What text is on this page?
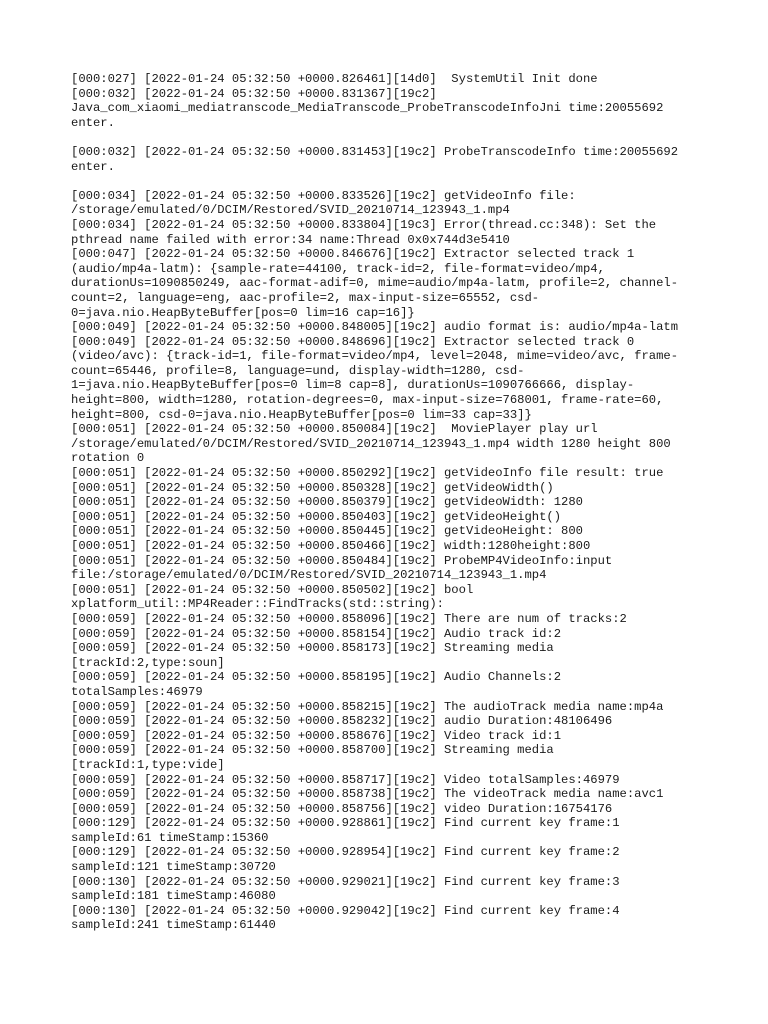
[000:027] [2022-01-24 05:32:50 +0000.826461][14d0]  SystemUtil Init done
[000:032] [2022-01-24 05:32:50 +0000.831367][19c2]
Java_com_xiaomi_mediatranscode_MediaTranscode_ProbeTranscodeInfoJni time:20055692
enter.
[000:032] [2022-01-24 05:32:50 +0000.831453][19c2] ProbeTranscodeInfo time:20055692
enter.
[000:034] [2022-01-24 05:32:50 +0000.833526][19c2] getVideoInfo file:
/storage/emulated/0/DCIM/Restored/SVID_20210714_123943_1.mp4
[000:034] [2022-01-24 05:32:50 +0000.833804][19c3] Error(thread.cc:348): Set the
pthread name failed with error:34 name:Thread 0x0x744d3e5410
[000:047] [2022-01-24 05:32:50 +0000.846676][19c2] Extractor selected track 1
(audio/mp4a-latm): {sample-rate=44100, track-id=2, file-format=video/mp4,
durationUs=1090850249, aac-format-adif=0, mime=audio/mp4a-latm, profile=2, channel-
count=2, language=eng, aac-profile=2, max-input-size=65552, csd-
0=java.nio.HeapByteBuffer[pos=0 lim=16 cap=16]}
[000:049] [2022-01-24 05:32:50 +0000.848005][19c2] audio format is: audio/mp4a-latm
[000:049] [2022-01-24 05:32:50 +0000.848696][19c2] Extractor selected track 0
(video/avc): {track-id=1, file-format=video/mp4, level=2048, mime=video/avc, frame-
count=65446, profile=8, language=und, display-width=1280, csd-
1=java.nio.HeapByteBuffer[pos=0 lim=8 cap=8], durationUs=1090766666, display-
height=800, width=1280, rotation-degrees=0, max-input-size=768001, frame-rate=60,
height=800, csd-0=java.nio.HeapByteBuffer[pos=0 lim=33 cap=33]}
[000:051] [2022-01-24 05:32:50 +0000.850084][19c2]  MoviePlayer play url
/storage/emulated/0/DCIM/Restored/SVID_20210714_123943_1.mp4 width 1280 height 800
rotation 0
[000:051] [2022-01-24 05:32:50 +0000.850292][19c2] getVideoInfo file result: true
[000:051] [2022-01-24 05:32:50 +0000.850328][19c2] getVideoWidth()
[000:051] [2022-01-24 05:32:50 +0000.850379][19c2] getVideoWidth: 1280
[000:051] [2022-01-24 05:32:50 +0000.850403][19c2] getVideoHeight()
[000:051] [2022-01-24 05:32:50 +0000.850445][19c2] getVideoHeight: 800
[000:051] [2022-01-24 05:32:50 +0000.850466][19c2] width:1280height:800
[000:051] [2022-01-24 05:32:50 +0000.850484][19c2] ProbeMP4VideoInfo:input
file:/storage/emulated/0/DCIM/Restored/SVID_20210714_123943_1.mp4
[000:051] [2022-01-24 05:32:50 +0000.850502][19c2] bool
xplatform_util::MP4Reader::FindTracks(std::string):
[000:059] [2022-01-24 05:32:50 +0000.858096][19c2] There are num of tracks:2
[000:059] [2022-01-24 05:32:50 +0000.858154][19c2] Audio track id:2
[000:059] [2022-01-24 05:32:50 +0000.858173][19c2] Streaming media
[trackId:2,type:soun]
[000:059] [2022-01-24 05:32:50 +0000.858195][19c2] Audio Channels:2
totalSamples:46979
[000:059] [2022-01-24 05:32:50 +0000.858215][19c2] The audioTrack media name:mp4a
[000:059] [2022-01-24 05:32:50 +0000.858232][19c2] audio Duration:48106496
[000:059] [2022-01-24 05:32:50 +0000.858676][19c2] Video track id:1
[000:059] [2022-01-24 05:32:50 +0000.858700][19c2] Streaming media
[trackId:1,type:vide]
[000:059] [2022-01-24 05:32:50 +0000.858717][19c2] Video totalSamples:46979
[000:059] [2022-01-24 05:32:50 +0000.858738][19c2] The videoTrack media name:avc1
[000:059] [2022-01-24 05:32:50 +0000.858756][19c2] video Duration:16754176
[000:129] [2022-01-24 05:32:50 +0000.928861][19c2] Find current key frame:1
sampleId:61 timeStamp:15360
[000:129] [2022-01-24 05:32:50 +0000.928954][19c2] Find current key frame:2
sampleId:121 timeStamp:30720
[000:130] [2022-01-24 05:32:50 +0000.929021][19c2] Find current key frame:3
sampleId:181 timeStamp:46080
[000:130] [2022-01-24 05:32:50 +0000.929042][19c2] Find current key frame:4
sampleId:241 timeStamp:61440
